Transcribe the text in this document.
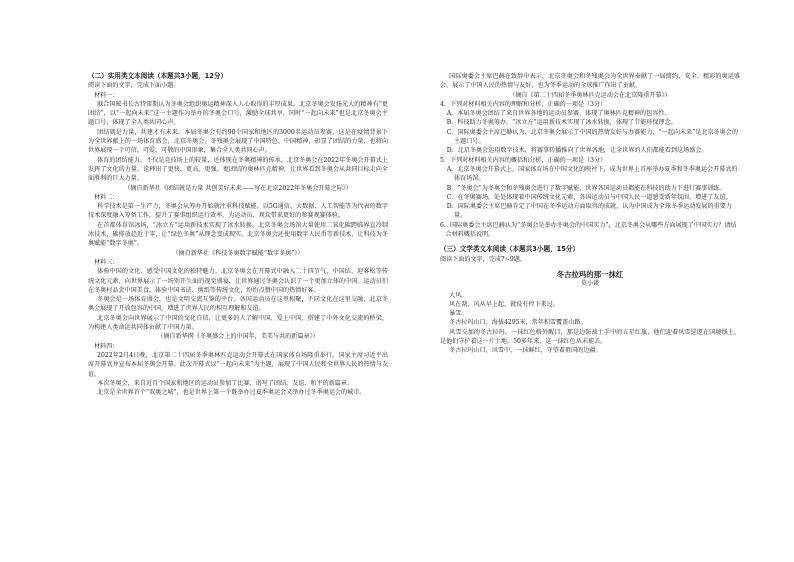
（二）实用类文本阅读（本题共3小题，12分）

阅读下面的文字，完成下面小题。

材料一：

联合国秘书长古特雷斯认为冬奥会组织奥运精神深入人心取得的丰厚成果。北京冬奥会发扬光大的精神有“更团结”，以“一起向未来”这一主题作为举办的冬奥会口号，激励全球共享，同时“一起向未来”也是北京冬奥会主题口号，体现了全人类共同心声。

团结就是力量，共建才有未来。本届冬奥会有约90个国家和地区的3000名运动员参赛，这是在疫情背景下为全世界献上的一场体育盛会，北京冬奥会、冬残奥会展现了中国特色、中国精神，彰显了团结的力量，也将向世界展现一个可信、可爱、可敬的中国形象，集合全人类共同心声。

体育的团结能力，不仅是竞技场上的较量，还体现在冬奥精神的传承。北京冬奥会在2022年冬奥会开幕式上发挥了文化的力量，诠释出了更快、更高、更强、更团结的奥林匹克精神，让世界看到冬奥会从共同目标走向全面胜利的巨大力量。

（摘自新华社《团结就是力量 共创美好未来——写在北京2022年冬奥会开幕之际》）

材料二：

科学技术是第一生产力，冬奥会从筹办开始就注重科技赋能。以5G通信、大数据、人工智能等为代表的数字技术深度融入筹备工作，提升了赛事组织运行效率，为运动员、观众带来更好的参赛观赛体验。

在首都体育馆冰场，“冰立方”运用新技术实现了冰水转换，北京冬奥会场馆大量使用二氧化碳跨临界直冷制冰技术，碳排放趋近于零，让“绿色冬奥”从理念变成现实。北京冬奥会还使用数字人民币等新技术，让科技为冬奥赋能“数字冬奥”。

（摘自新华社《科技冬奥数字赋能“数字冬奥”》）

材料三：

体验中国的文化，感受中国文化的独特魅力。北京冬奥会在开幕式中融入二十四节气、中国结、迎客松等传统文化元素，向世界展示了一场别开生面的视觉盛宴，让世界通过冬奥会认识了一个更加立体的中国。运动员们在冬奥村品尝中国美食，体验中国书法、剪纸等传统文化，纷纷点赞中国的热情好客。

冬奥会是一场体育盛会，也是文明交流互鉴的平台。各国运动员在这里相聚，不同文化在这里交融，北京冬奥会展现了开放包容的中国，增进了世界人民的相互理解和友谊。

北京冬奥会向世界展示了中国的文化自信，让更多的人了解中国、爱上中国，搭建了中外文化交流的桥梁，为构建人类命运共同体贡献了中国力量。

（摘自新华网《冬奥盛会上的中国年，美美与共的新篇章》）

材料四：

2022年2月4日晚，北京第二十四届冬季奥林匹克运动会开幕式在国家体育场隆重举行。国家主席习近平出席开幕式并宣布本届冬奥会开幕。此次开幕式以“一起向未来”为主题，展现了中国人民和全世界人民的热情与友谊。

本次冬奥会，来自近百个国家和地区的运动员参加了比赛，谱写了团结、友谊、和平的新篇章。

北京是全世界首个“双奥之城”，也是世界上第一个既举办过夏季奥运会又举办过冬季奥运会的城市。

国际奥委会主席巴赫在致辞中表示，北京冬奥会和冬残奥会为全世界奉献了一届简约、安全、精彩的奥运盛会，展示了中国人民的热情与友好，也为冬季运动的全球推广作出了贡献。

（摘自《第二十四届冬季奥林匹克运动会在北京隆重开幕》）

4．下列对材料相关内容的理解和分析，正确的一项是（3分）

A．本届冬奥会团结了来自世界各地的运动员参赛，体现了奥林匹克精神的包容性。

B．科技助力冬奥筹办，“冰立方”运用新技术实现了冰水转换，体现了节能环保理念。

C．国际奥委会主席巴赫认为，北京冬奥会展示了中国的热情友好与办赛能力，“一起向未来”是北京冬奥会的主题口号。

D．北京冬奥会运用数字技术，将赛事转播推向了世界各地，让全世界的人们都能看到这场盛会。

5．下列对材料相关内容的概括和分析，正确的一项是（3分）

A．北京冬奥会开幕式上，国家体育场在中国文化的映衬下，成为世界上首座举办夏季和冬季奥运会开幕式的体育场馆。

B．“冬奥会”为冬奥会和冬残奥会进行了数字赋能，世界各国运动员都能在科技的助力下进行赛事训练。

C．在冬奥赛场，处处体现着中国传统文化元素，各国运动员与中国人民一道感受新年氛围，增进了友谊。

D．国际奥委会主席巴赫肯定了中国在冬季运动方面取得的成就，认为中国成为全球冬季运动发展的重要力量。

6．国际奥委会主席巴赫认为“冬奥会是举办冬奥会的中国实力”，北京冬奥会从哪些方面展现了中国实力？请结合材料概括说明。

（三）文学类文本阅读（本题共3小题，15分）

阅读下面的文字，完成7~9题。

冬古拉玛的那一抹红

莫小谈

大风。

风在刮，风从早上起，就没有停下来过。

暴雪。

冬古拉玛山口，海拔4295米，常年积雪覆盖山路。

风雪交加的冬古拉玛，一抹红色格外醒目，那是边防战士手中的五星红旗，他们迎着风雪巡逻在国境线上，是他们守护着这一片土地。50多年来，这一抹红色从未褪去。

冬古拉玛山口，风雪中，一抹鲜红，守望着祖国的边疆。
